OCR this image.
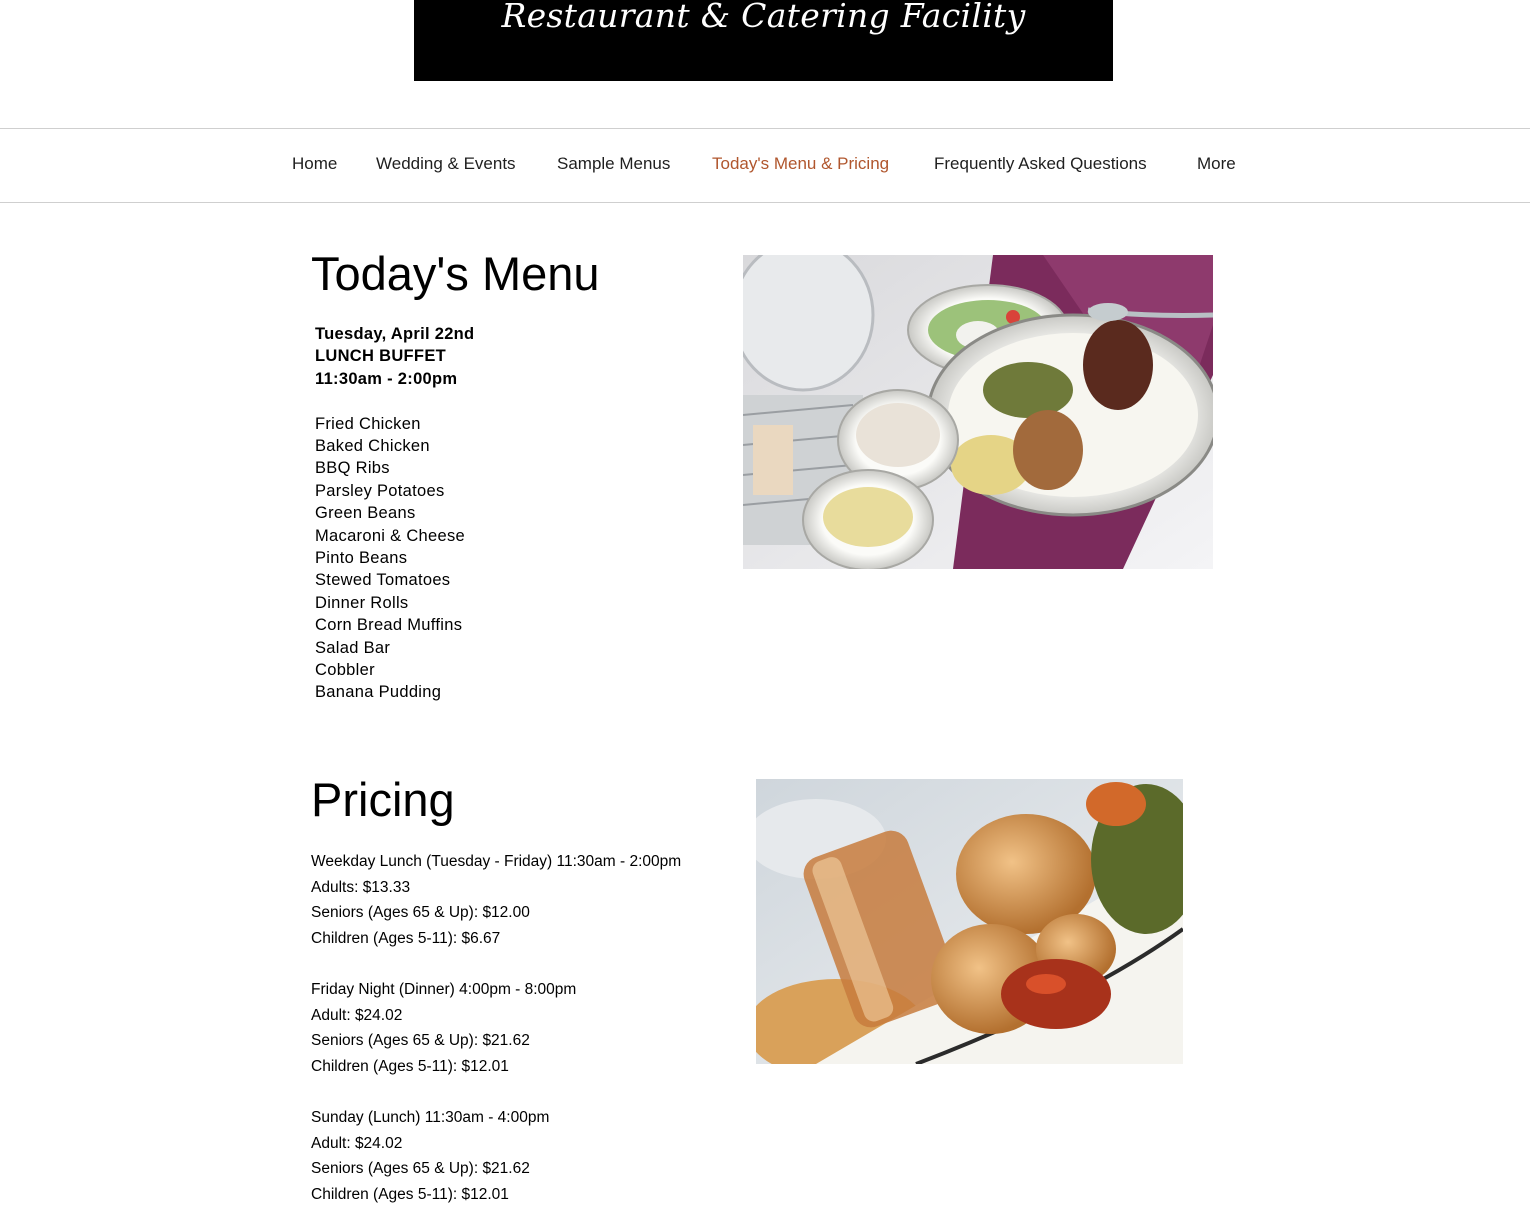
Restaurant & Catering Facility
Home Wedding & Events Sample Menus Today's Menu & Pricing	Frequently Asked Questions	More
Today's Menu
Tuesday, April 22nd
LUNCH BUFFET
11:30am - 2:00pm
Fried Chicken
Baked Chicken
BBQ Ribs
Parsley Potatoes
Green Beans
Macaroni & Cheese
Pinto Beans
Stewed Tomatoes
Dinner Rolls
Corn Bread Muffins
Salad Bar
Cobbler
Banana Pudding
Pricing
Weekday Lunch (Tuesday - Friday) 11:30am - 2:00pm
Adults: $13.33
Seniors (Ages 65 & Up): $12.00
Children (Ages 5-11): $6.67
Friday Night (Dinner) 4:00pm - 8:00pm
Adult: $24.02
Seniors (Ages 65 & Up): $21.62
Children (Ages 5-11): $12.01
Sunday (Lunch) 11:30am - 4:00pm
Adult: $24.02
Seniors (Ages 65 & Up): $21.62
Children (Ages 5-11): $12.01
